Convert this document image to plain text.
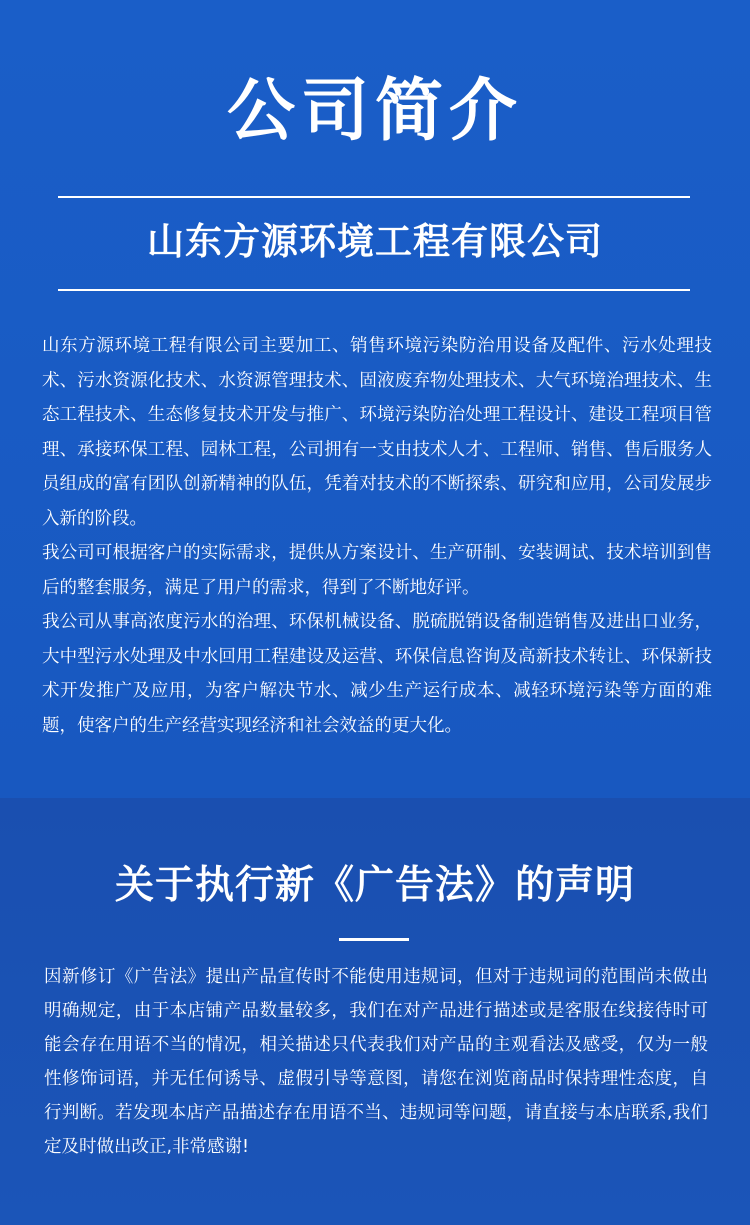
公司简介
山东方源环境工程有限公司

山东方源环境工程有限公司主要加工、销售环境污染防治用设备及配件、污水处理技术、污水资源化技术、水资源管理技术、固液废弃物处理技术、大气环境治理技术、生态工程技术、生态修复技术开发与推广、环境污染防治处理工程设计、建设工程项目管理、承接环保工程、园林工程，公司拥有一支由技术人才、工程师、销售、售后服务人员组成的富有团队创新精神的队伍，凭着对技术的不断探索、研究和应用，公司发展步入新的阶段。

我公司可根据客户的实际需求，提供从方案设计、生产研制、安装调试、技术培训到售后的整套服务，满足了用户的需求，得到了不断地好评。

我公司从事高浓度污水的治理、环保机械设备、脱硫脱销设备制造销售及进出口业务，大中型污水处理及中水回用工程建设及运营、环保信息咨询及高新技术转让、环保新技术开发推广及应用，为客户解决节水、减少生产运行成本、减轻环境污染等方面的难题，使客户的生产经营实现经济和社会效益的更大化。

关于执行新《广告法》的声明

因新修订《广告法》提出产品宣传时不能使用违规词，但对于违规词的范围尚未做出明确规定，由于本店铺产品数量较多，我们在对产品进行描述或是客服在线接待时可能会存在用语不当的情况，相关描述只代表我们对产品的主观看法及感受，仅为一般性修饰词语，并无任何诱导、虚假引导等意图，请您在浏览商品时保持理性态度，自行判断。若发现本店产品描述存在用语不当、违规词等问题，请直接与本店联系,我们定及时做出改正,非常感谢!
